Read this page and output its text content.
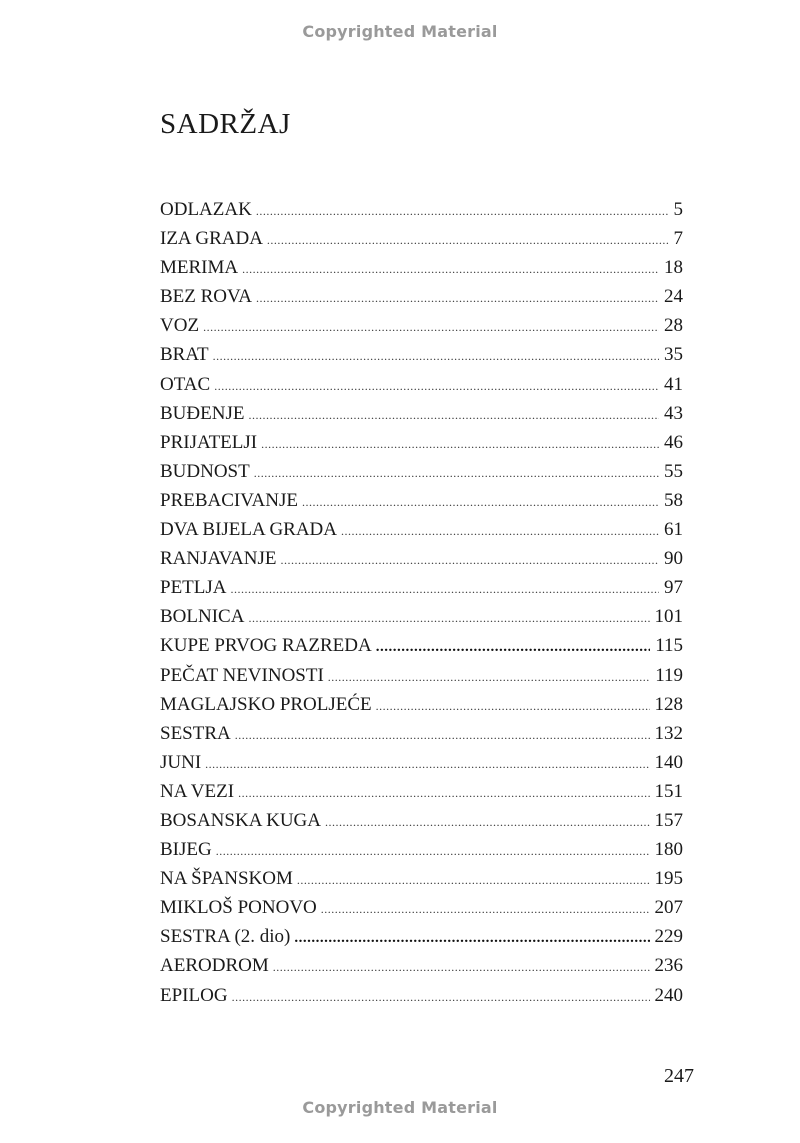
Copyrighted Material
SADRŽAJ
ODLAZAK .....	5
IZA GRADA .....	7
MERIMA .....	18
BEZ ROVA .....	24
VOZ .....	28
BRAT .....	35
OTAC .....	41
BUĐENJE .....	43
PRIJATELJI .....	46
BUDNOST .....	55
PREBACIVANJE .....	58
DVA BIJELA GRADA .....	61
RANJAVANJE .....	90
PETLJA .....	97
BOLNICA .....	101
KUPE PRVOG RAZREDA .....	115
PEČAT NEVINOSTI .....	119
MAGLAJSKO PROLJEĆE .....	128
SESTRA .....	132
JUNI .....	140
NA VEZI .....	151
BOSANSKA KUGA .....	157
BIJEG .....	180
NA ŠPANSKOM .....	195
MIKLOŠ PONOVO .....	207
SESTRA (2. dio) .....	229
AERODROM .....	236
EPILOG .....	240
247
Copyrighted Material
